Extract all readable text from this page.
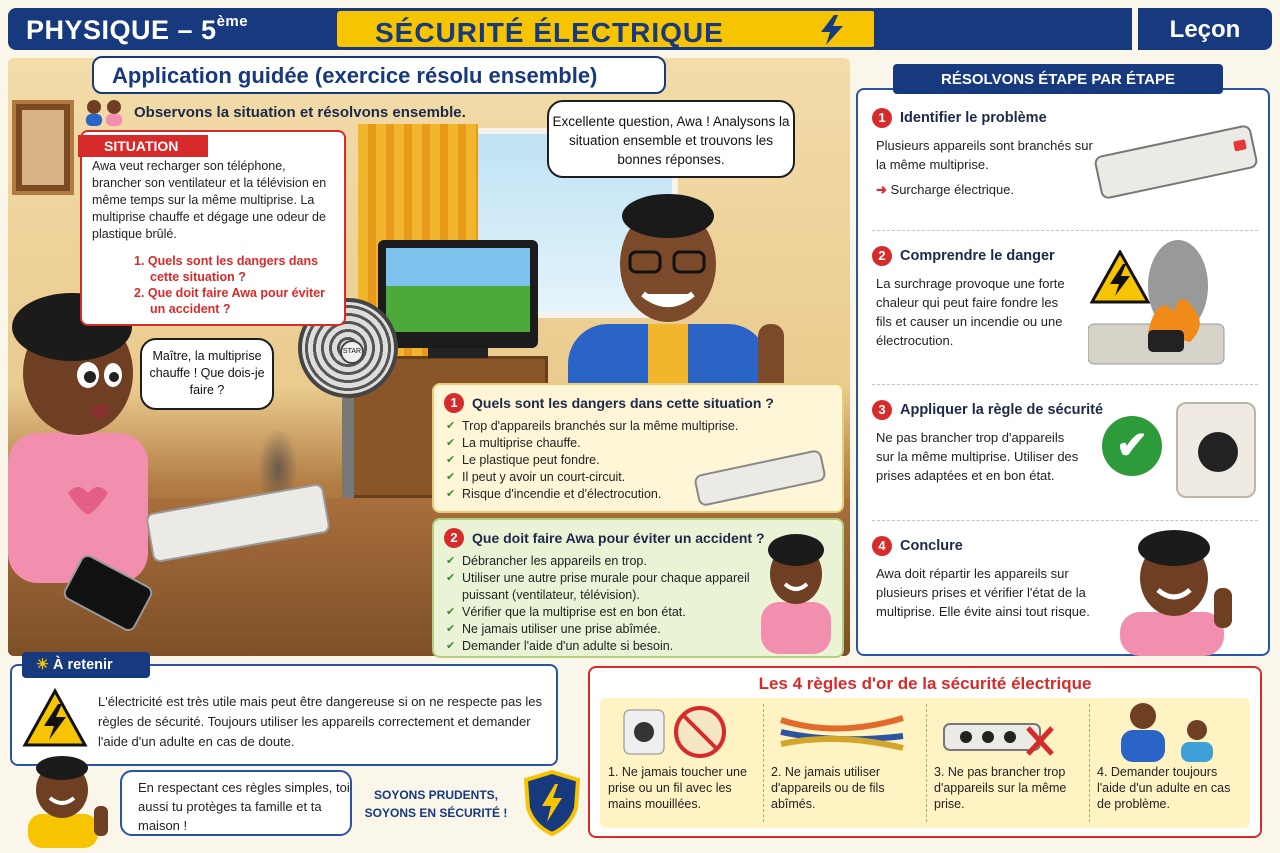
PHYSIQUE – 5ème	SÉCURITÉ ÉLECTRIQUE	Leçon
STAR
Application guidée (exercice résolu ensemble)
Observons la situation et résolvons ensemble.
Awa veut recharger son téléphone, brancher son ventilateur et la télévision en même temps sur la même multiprise. La multiprise chauffe et dégage une odeur de plastique brûlé.
1. Quels sont les dangers dans cette situation ?
2. Que doit faire Awa pour éviter un accident ?
SITUATION
Maître, la multiprise chauffe ! Que dois-je faire ?
Excellente question, Awa ! Analysons la situation ensemble et trouvons les bonnes réponses.
1	Quels sont les dangers dans cette situation ?
✔ Trop d'appareils branchés sur la même multiprise.
✔ La multiprise chauffe.
✔ Le plastique peut fondre.
✔ Il peut y avoir un court-circuit.
✔ Risque d'incendie et d'électrocution.
2	Que doit faire Awa pour éviter un accident ?
✔ Débrancher les appareils en trop.
✔ Utiliser une autre prise murale pour chaque appareil puissant (ventilateur, télévision).
✔ Vérifier que la multiprise est en bon état.
✔ Ne jamais utiliser une prise abîmée.
✔ Demander l'aide d'un adulte si besoin.
1 Identifier le problème
Plusieurs appareils sont branchés sur la même multiprise.
➜ Surcharge électrique.
2 Comprendre le danger
La surchrage provoque une forte chaleur qui peut faire fondre les fils et causer un incendie ou une électrocution.
3 Appliquer la règle de sécurité
Ne pas brancher trop d'appareils sur la même multiprise. Utiliser des prises adaptées et en bon état.
4 Conclure
Awa doit répartir les appareils sur plusieurs prises et vérifier l'état de la multiprise. Elle évite ainsi tout risque.
RÉSOLVONS ÉTAPE PAR ÉTAPE
✔
☀ À retenir
L'électricité est très utile mais peut être dangereuse si on ne respecte pas les règles de sécurité. Toujours utiliser les appareils correctement et demander l'aide d'un adulte en cas de doute.
En respectant ces règles simples, toi aussi tu protèges ta famille et ta maison !
SOYONS PRUDENTS,
SOYONS EN SÉCURITÉ !
Les 4 règles d'or de la sécurité électrique
1. Ne jamais toucher une prise ou un fil avec les mains mouillées.
2. Ne jamais utiliser d'appareils ou de fils abîmés.
3. Ne pas brancher trop d'appareils sur la même prise.
4. Demander toujours l'aide d'un adulte en cas de problème.
